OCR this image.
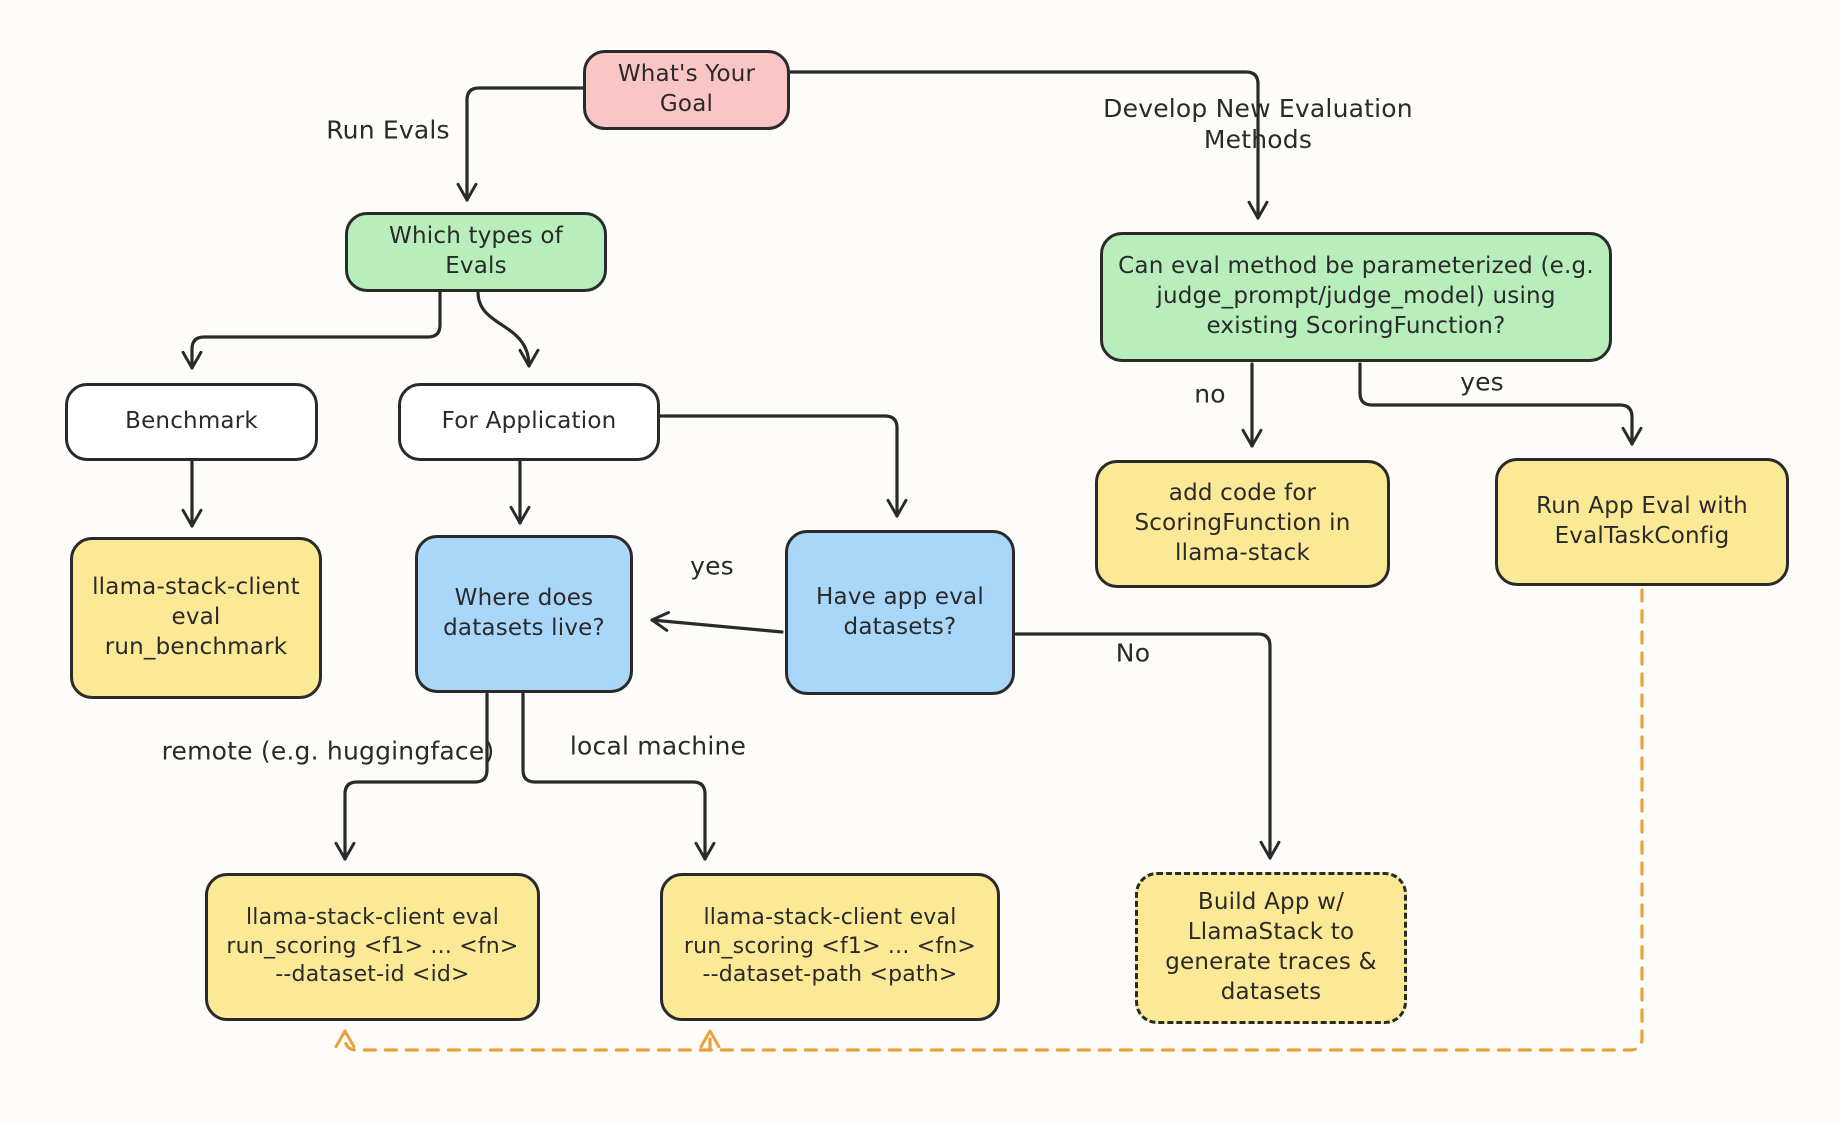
What's Your Goal
Which types of Evals	Can eval method be parameterized (e.g. judge_prompt/judge_model) using existing ScoringFunction?
Benchmark	For Application
llama-stack-client eval run_benchmark
Where does datasets live?
Have app eval datasets?
add code for ScoringFunction in llama-stack
Run App Eval with EvalTaskConfig
llama-stack-client eval run_scoring <f1> ... <fn> --dataset-id <id>
llama-stack-client eval run_scoring <f1> ... <fn> --dataset-path <path>
Build App w/ LlamaStack to generate traces & datasets
Run Evals
Develop New Evaluation Methods
no	yes
yes
No
remote (e.g. huggingface)	local machine
